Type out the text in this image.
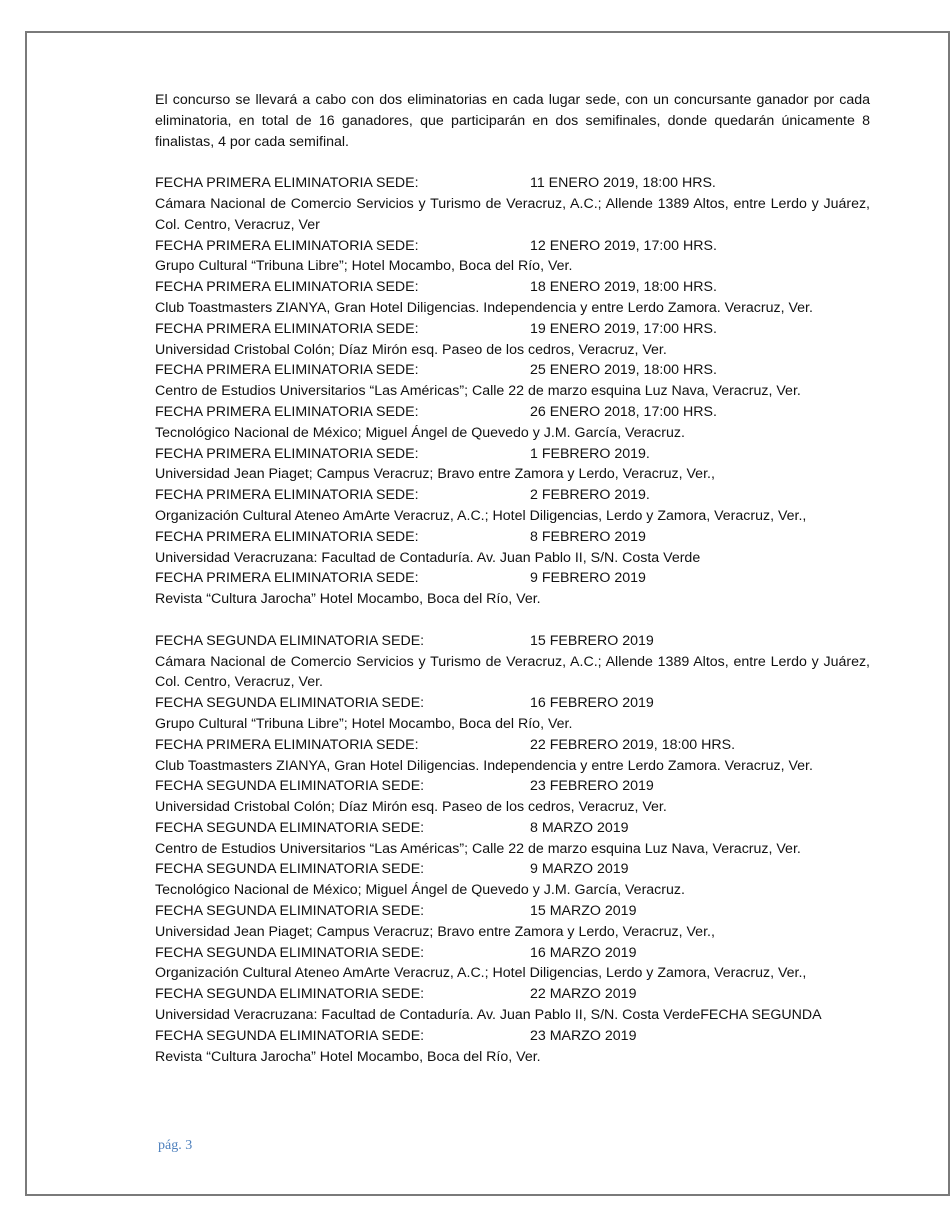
El concurso se llevará a cabo con dos eliminatorias en cada lugar sede, con un concursante ganador por cada eliminatoria, en total de 16 ganadores, que participarán en dos semifinales, donde quedarán únicamente 8 finalistas, 4 por cada semifinal.

FECHA PRIMERA ELIMINATORIA SEDE:	11 ENERO 2019, 18:00 HRS.

Cámara Nacional de Comercio Servicios y Turismo de Veracruz, A.C.; Allende 1389 Altos, entre Lerdo y Juárez, Col. Centro, Veracruz, Ver

FECHA PRIMERA ELIMINATORIA SEDE:	12 ENERO 2019, 17:00 HRS.

Grupo Cultural “Tribuna Libre”; Hotel Mocambo, Boca del Río, Ver.

FECHA PRIMERA ELIMINATORIA SEDE:	18 ENERO 2019, 18:00 HRS.

Club Toastmasters ZIANYA, Gran Hotel Diligencias. Independencia y entre Lerdo Zamora. Veracruz, Ver.

FECHA PRIMERA ELIMINATORIA SEDE:	19 ENERO 2019, 17:00 HRS.

Universidad Cristobal Colón; Díaz Mirón esq. Paseo de los cedros, Veracruz, Ver.

FECHA PRIMERA ELIMINATORIA SEDE:	25 ENERO 2019, 18:00 HRS.

Centro de Estudios Universitarios “Las Américas”; Calle 22 de marzo esquina Luz Nava, Veracruz, Ver.

FECHA PRIMERA ELIMINATORIA SEDE:	26 ENERO 2018, 17:00 HRS.

Tecnológico Nacional de México; Miguel Ángel de Quevedo y J.M. García, Veracruz.

FECHA PRIMERA ELIMINATORIA SEDE:	1 FEBRERO 2019.

Universidad Jean Piaget; Campus Veracruz; Bravo entre Zamora y Lerdo, Veracruz, Ver.,

FECHA PRIMERA ELIMINATORIA SEDE:	2 FEBRERO 2019.

Organización Cultural Ateneo AmArte Veracruz, A.C.; Hotel Diligencias, Lerdo y Zamora, Veracruz, Ver.,

FECHA PRIMERA ELIMINATORIA SEDE:	8 FEBRERO 2019

Universidad Veracruzana: Facultad de Contaduría. Av. Juan Pablo II, S/N. Costa Verde

FECHA PRIMERA ELIMINATORIA SEDE:	9 FEBRERO 2019

Revista “Cultura Jarocha” Hotel Mocambo, Boca del Río, Ver.

FECHA SEGUNDA ELIMINATORIA SEDE:	15 FEBRERO 2019

Cámara Nacional de Comercio Servicios y Turismo de Veracruz, A.C.; Allende 1389 Altos, entre Lerdo y Juárez, Col. Centro, Veracruz, Ver.

FECHA SEGUNDA ELIMINATORIA SEDE:	16 FEBRERO 2019

Grupo Cultural “Tribuna Libre”; Hotel Mocambo, Boca del Río, Ver.

FECHA PRIMERA ELIMINATORIA SEDE:	22 FEBRERO 2019, 18:00 HRS.

Club Toastmasters ZIANYA, Gran Hotel Diligencias. Independencia y entre Lerdo Zamora. Veracruz, Ver.

FECHA SEGUNDA ELIMINATORIA SEDE:	23 FEBRERO 2019

Universidad Cristobal Colón; Díaz Mirón esq. Paseo de los cedros, Veracruz, Ver.

FECHA SEGUNDA ELIMINATORIA SEDE:	8 MARZO 2019

Centro de Estudios Universitarios “Las Américas”; Calle 22 de marzo esquina Luz Nava, Veracruz, Ver.

FECHA SEGUNDA ELIMINATORIA SEDE:	9 MARZO 2019

Tecnológico Nacional de México; Miguel Ángel de Quevedo y J.M. García, Veracruz.

FECHA SEGUNDA ELIMINATORIA SEDE:	15 MARZO 2019

Universidad Jean Piaget; Campus Veracruz; Bravo entre Zamora y Lerdo, Veracruz, Ver.,

FECHA SEGUNDA ELIMINATORIA SEDE:	16 MARZO 2019

Organización Cultural Ateneo AmArte Veracruz, A.C.; Hotel Diligencias, Lerdo y Zamora, Veracruz, Ver.,

FECHA SEGUNDA ELIMINATORIA SEDE:	22 MARZO 2019

Universidad Veracruzana: Facultad de Contaduría. Av. Juan Pablo II, S/N. Costa VerdeFECHA SEGUNDA

FECHA SEGUNDA ELIMINATORIA SEDE:	23 MARZO 2019

Revista “Cultura Jarocha” Hotel Mocambo, Boca del Río, Ver.

pág. 3
